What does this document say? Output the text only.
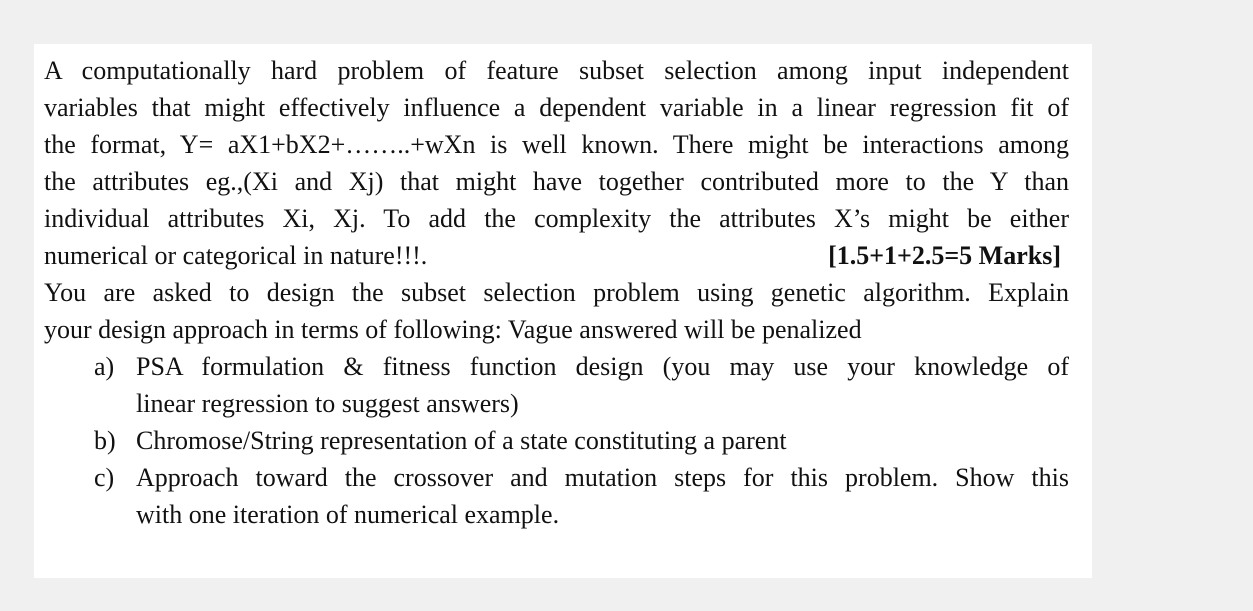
A computationally hard problem of feature subset selection among input independent
variables that might effectively influence a dependent variable in a linear regression fit of
the format, Y= aX1+bX2+……..+wXn is well known. There might be interactions among
the attributes eg.,(Xi and Xj) that might have together contributed more to the Y than
individual attributes Xi, Xj. To add the complexity the attributes X’s might be either
numerical or categorical in nature!!!.	[1.5+1+2.5=5 Marks]
You are asked to design the subset selection problem using genetic algorithm. Explain
your design approach in terms of following: Vague answered will be penalized
a) PSA formulation & fitness function design (you may use your knowledge of
linear regression to suggest answers)
b) Chromose/String representation of a state constituting a parent
c) Approach toward the crossover and mutation steps for this problem. Show this
with one iteration of numerical example.
